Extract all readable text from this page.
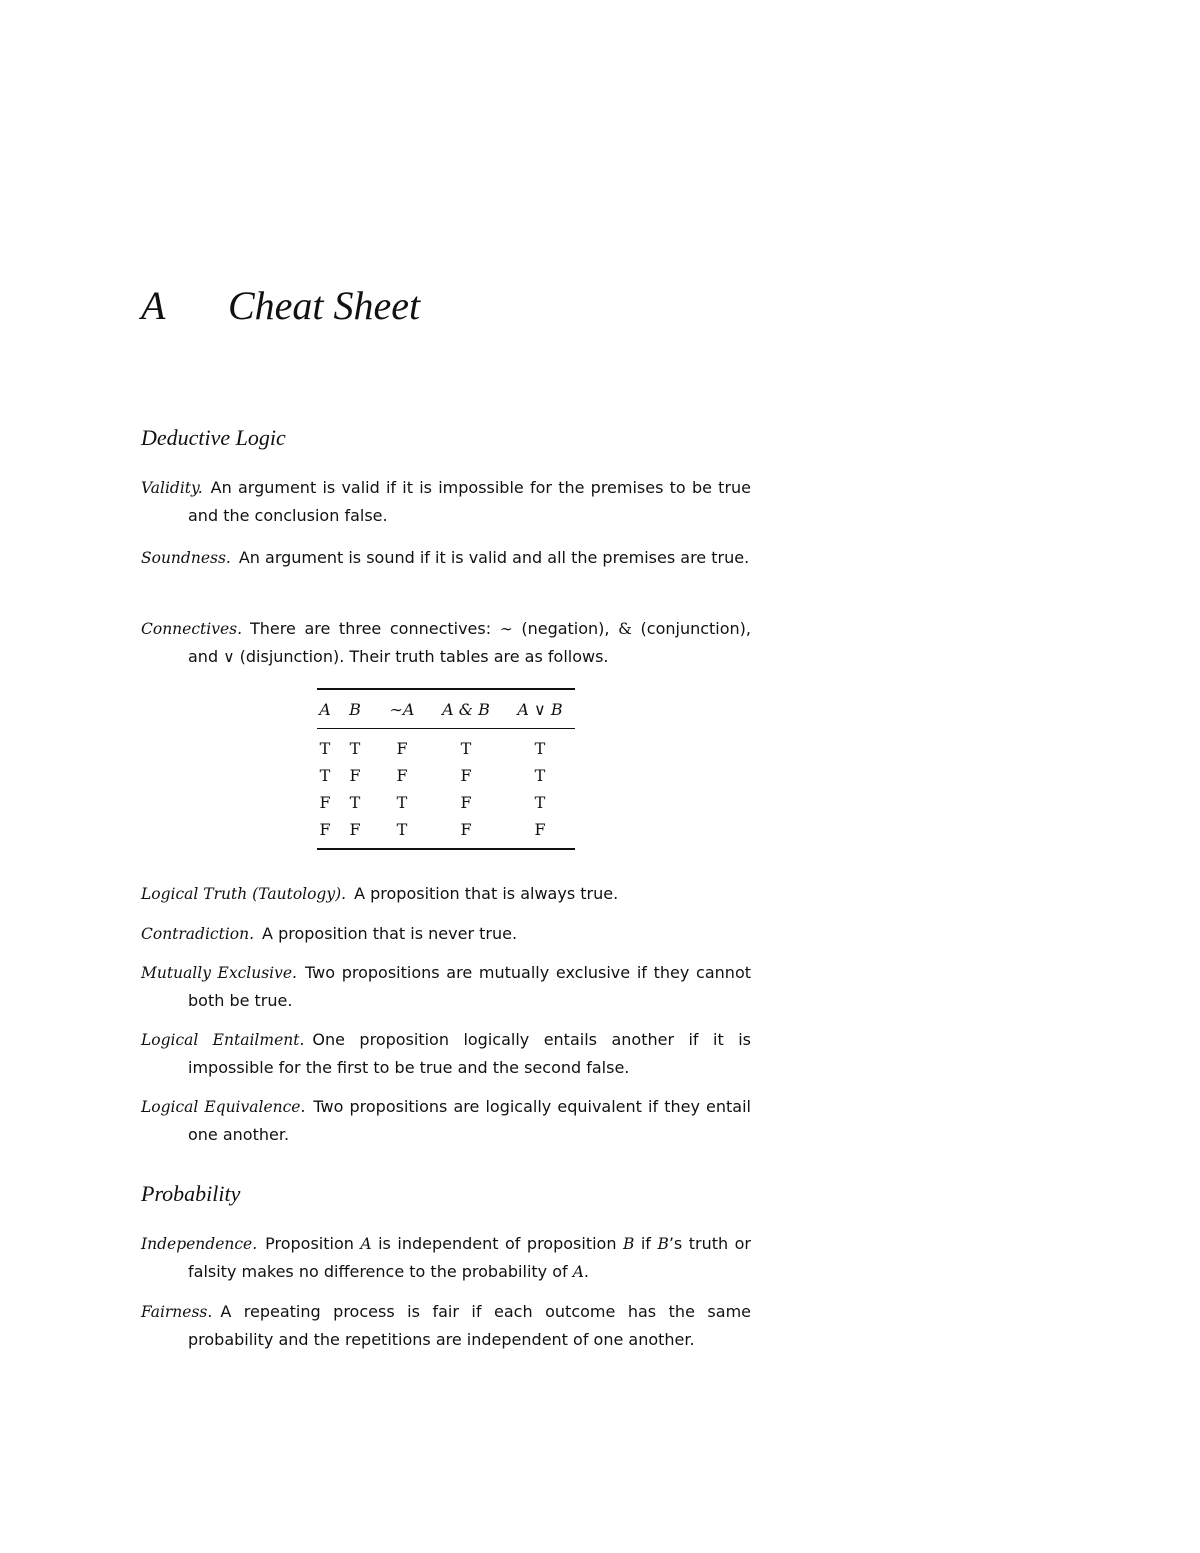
A Cheat Sheet
Deductive Logic

Validity. An argument is valid if it is impossible for the premises to be true and the conclusion false.

Soundness. An argument is sound if it is valid and all the premises are true.

Connectives. There are three connectives: ∼ (negation), & (conjunction), and ∨ (disjunction). Their truth tables are as follows.

A	B	∼A	A & B	A ∨ B
T	T	F	T	T
T	F	F	F	T
F	T	T	F	T
F	F	T	F	F

Logical Truth (Tautology). A proposition that is always true.

Contradiction. A proposition that is never true.

Mutually Exclusive. Two propositions are mutually exclusive if they cannot both be true.

Logical Entailment. One proposition logically entails another if it is impossible for the first to be true and the second false.

Logical Equivalence. Two propositions are logically equivalent if they entail one another.

Probability

Independence. Proposition A is independent of proposition B if B’s truth or falsity makes no difference to the probability of A.

Fairness. A repeating process is fair if each outcome has the same probability and the repetitions are independent of one another.
